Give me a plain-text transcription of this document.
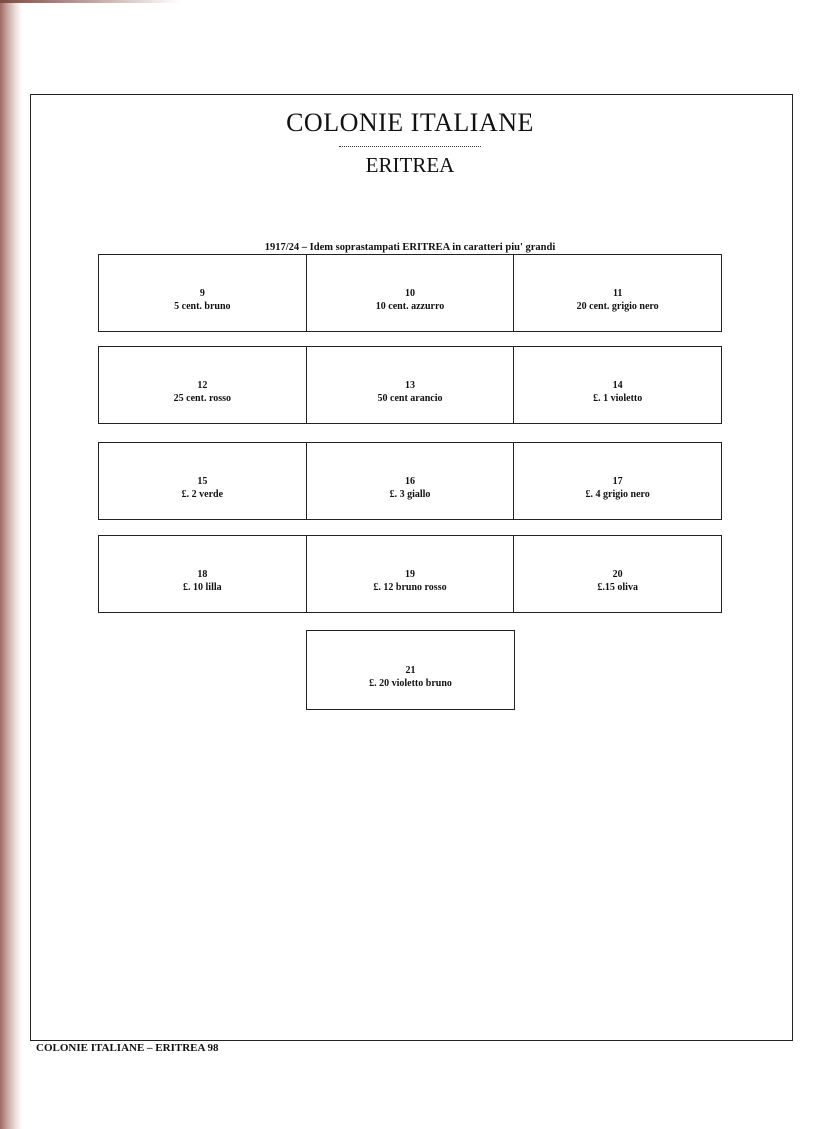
COLONIE ITALIANE
ERITREA
1917/24 – Idem soprastampati ERITREA in caratteri piu' grandi
9
5 cent. bruno
10
10 cent. azzurro
11
20 cent. grigio nero
12
25 cent. rosso
13
50 cent arancio
14
£. 1 violetto
15
£. 2 verde
16
£. 3 giallo
17
£. 4 grigio nero
18
£. 10 lilla
19
£. 12 bruno rosso
20
£.15 oliva
21
£. 20 violetto bruno
COLONIE ITALIANE – ERITREA 98
